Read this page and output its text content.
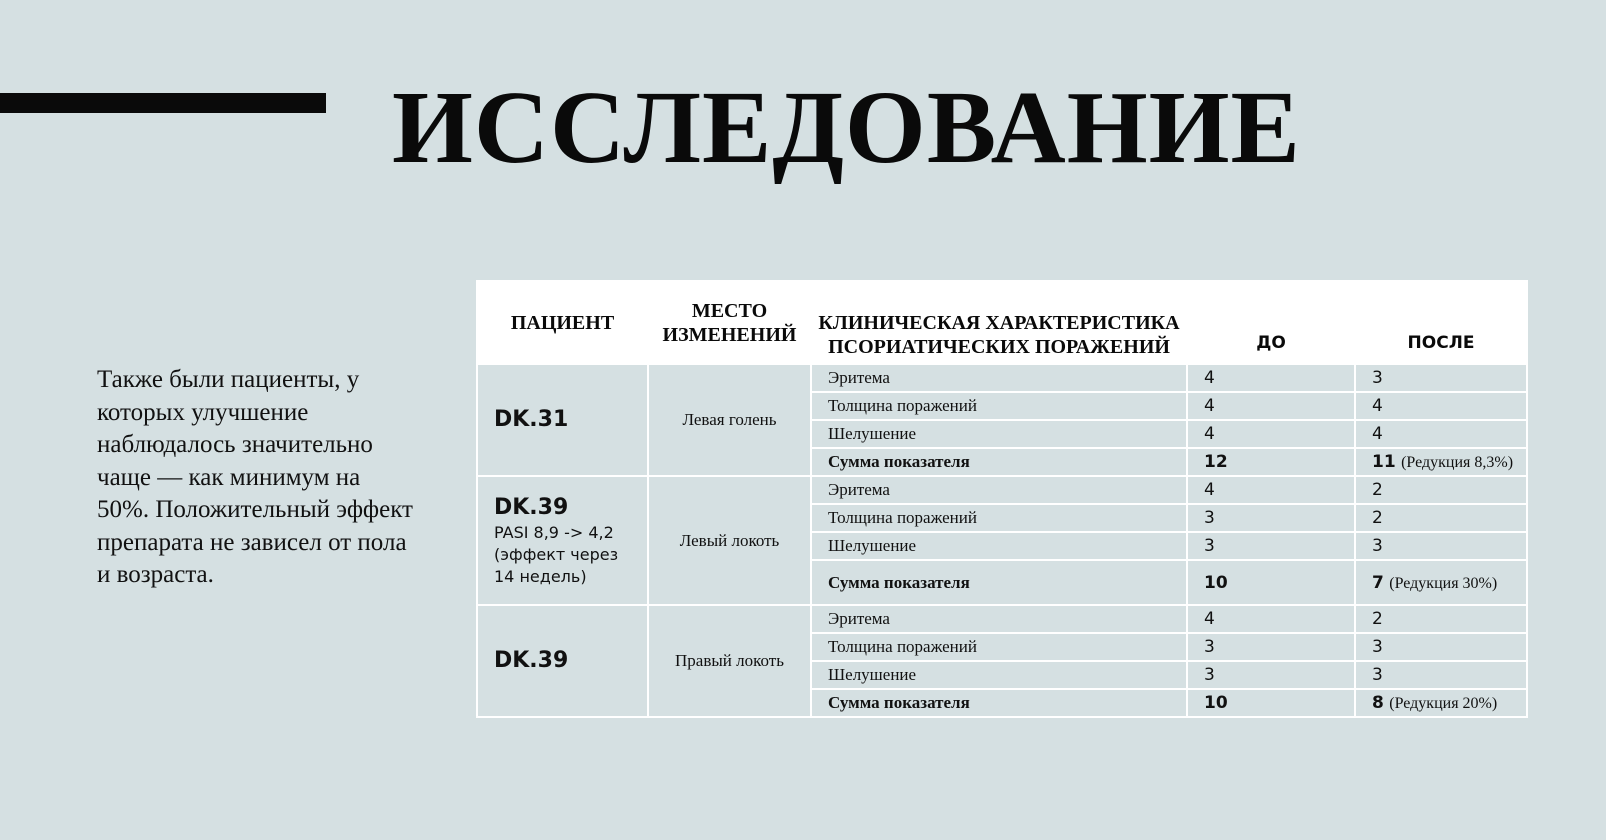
ИССЛЕДОВАНИЕ

Также были пациенты, у которых улучшение наблюдалось значительно чаще — как минимум на 50%. Положительный эффект препарата не зависел от пола и возраста.

ПАЦИЕНТ	МЕСТО ИЗМЕНЕНИЙ	КЛИНИЧЕСКАЯ ХАРАКТЕРИСТИКА ПСОРИАТИЧЕСКИХ ПОРАЖЕНИЙ	ДО	ПОСЛЕ

DK.31	Левая голень	Эритема	4	3
		Толщина поражений	4	4
		Шелушение	4	4
		Сумма показателя	12	11 (Редукция 8,3%)

DK.39
PASI 8,9 -> 4,2 (эффект через 14 недель)	Левый локоть	Эритема	4	2
		Толщина поражений	3	2
		Шелушение	3	3
		Сумма показателя	10	7 (Редукция 30%)

DK.39	Правый локоть	Эритема	4	2
		Толщина поражений	3	3
		Шелушение	3	3
		Сумма показателя	10	8 (Редукция 20%)
